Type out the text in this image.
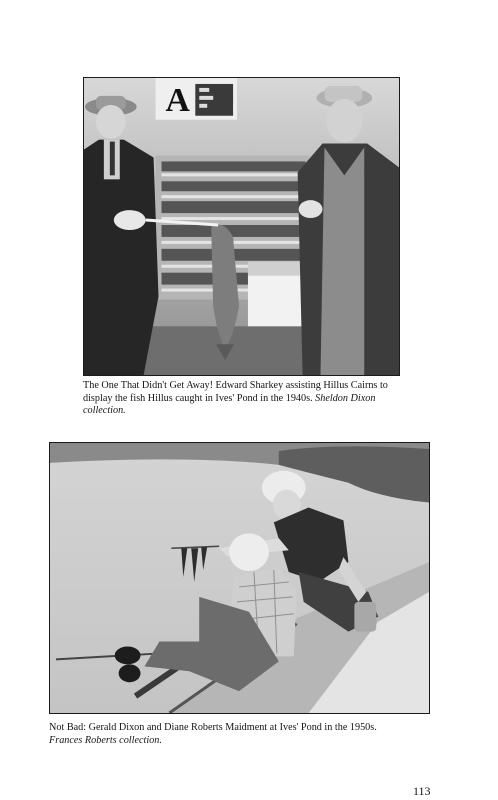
A

The One That Didn't Get Away! Edward Sharkey assisting Hillus Cairns to display the fish Hillus caught in Ives' Pond in the 1940s. Sheldon Dixon collection.

Not Bad: Gerald Dixon and Diane Roberts Maidment at Ives' Pond in the 1950s.
Frances Roberts collection.

113
